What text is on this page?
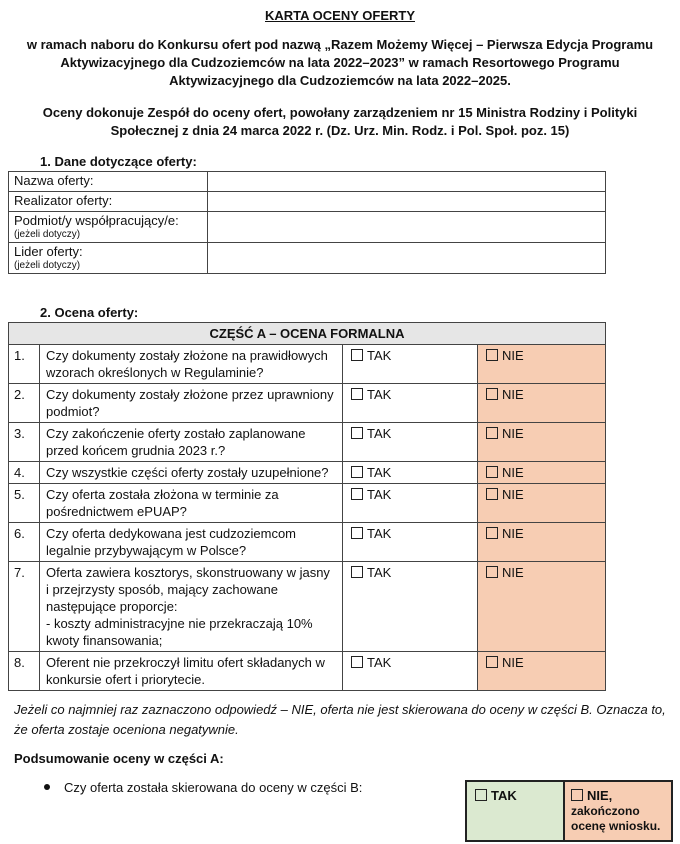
KARTA OCENY OFERTY
w ramach naboru do Konkursu ofert pod nazwą „Razem Możemy Więcej – Pierwsza Edycja Programu Aktywizacyjnego dla Cudzoziemców na lata 2022–2023” w ramach Resortowego Programu Aktywizacyjnego dla Cudzoziemców na lata 2022–2025.
Oceny dokonuje Zespół do oceny ofert, powołany zarządzeniem nr 15 Ministra Rodziny i Polityki Społecznej z dnia 24 marca 2022 r. (Dz. Urz. Min. Rodz. i Pol. Społ. poz. 15)
1. Dane dotyczące oferty:
Nazwa oferty:	
Realizator oferty:	
Podmiot/y współpracujący/e:
(jeżeli dotyczy)	

Lider oferty:
(jeżeli dotyczy)	

2. Ocena oferty:
CZĘŚĆ A – OCENA FORMALNA			
1.	Czy dokumenty zostały złożone na prawidłowych wzorach określonych w Regulaminie?	TAK	NIE
2.	Czy dokumenty zostały złożone przez uprawniony podmiot?	TAK	NIE
3.	Czy zakończenie oferty zostało zaplanowane przed końcem grudnia 2023 r.?	TAK	NIE
4.	Czy wszystkie części oferty zostały uzupełnione?	TAK	NIE
5.	Czy oferta została złożona w terminie za pośrednictwem ePUAP?	TAK	NIE
6.	Czy oferta dedykowana jest cudzoziemcom legalnie przybywającym w Polsce?	TAK	NIE
7.	Oferta zawiera kosztorys, skonstruowany w jasny i przejrzysty sposób, mający zachowane następujące proporcje:
- koszty administracyjne nie przekraczają 10% kwoty finansowania;	TAK	NIE
8.	Oferent nie przekroczył limitu ofert składanych w konkursie ofert i priorytecie.	TAK	NIE
Jeżeli co najmniej raz zaznaczono odpowiedź – NIE, oferta nie jest skierowana do oceny w części B. Oznacza to, że oferta zostaje oceniona negatywnie.
Podsumowanie oceny w części A:
Czy oferta została skierowana do oceny w części B:
TAK	NIE,
zakończono ocenę wniosku.
